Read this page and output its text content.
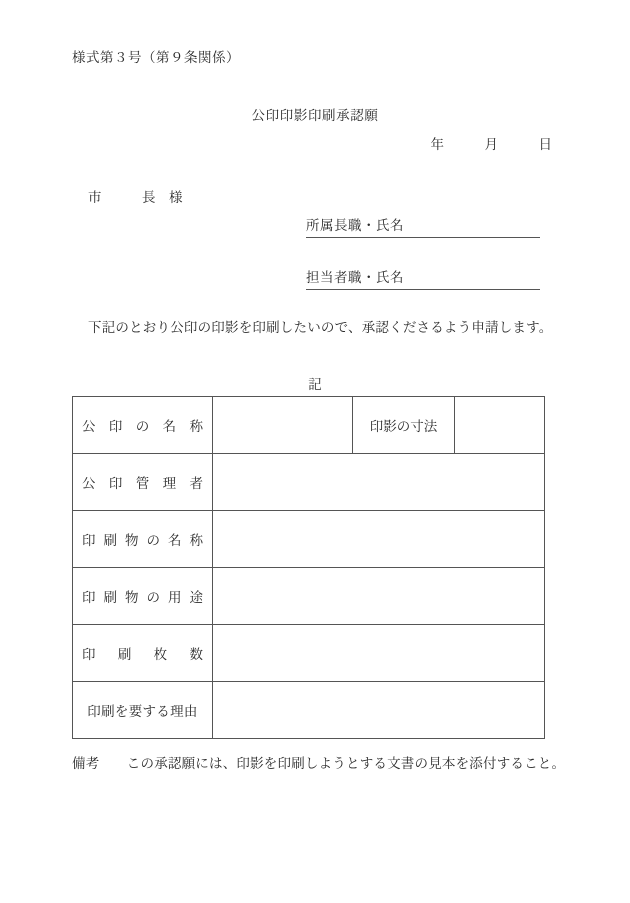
様式第３号（第９条関係）
公印印影印刷承認願
年　　　月　　　日
市　　　長　様
所属長職・氏名
担当者職・氏名
下記のとおり公印の印影を印刷したいので、承認くださるよう申請します。
記
公 印 の 名 称		印影の寸法	

公 印 管 理 者			

印 刷 物 の 名 称

印 刷 物 の 用 途

印 刷 枚 数			

印刷を要する理由			

備考　　この承認願には、印影を印刷しようとする文書の見本を添付すること。
